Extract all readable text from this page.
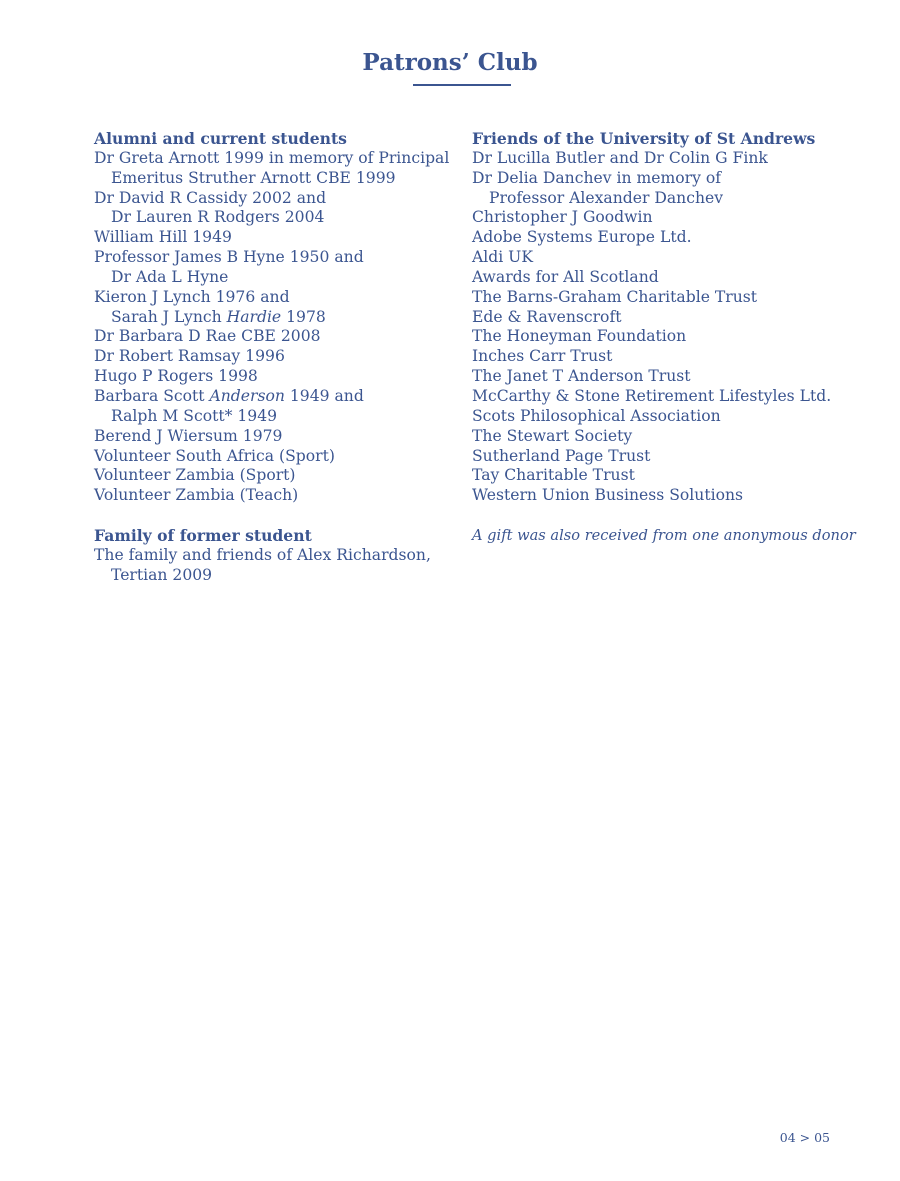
Patrons’ Club
Alumni and current students
Dr Greta Arnott 1999 in memory of Principal
Emeritus Struther Arnott CBE 1999
Dr David R Cassidy 2002 and
Dr Lauren R Rodgers 2004
William Hill 1949
Professor James B Hyne 1950 and
Dr Ada L Hyne
Kieron J Lynch 1976 and
Sarah J Lynch Hardie 1978
Dr Barbara D Rae CBE 2008
Dr Robert Ramsay 1996
Hugo P Rogers 1998
Barbara Scott Anderson 1949 and
Ralph M Scott* 1949
Berend J Wiersum 1979
Volunteer South Africa (Sport)
Volunteer Zambia (Sport)
Volunteer Zambia (Teach)
Family of former student
The family and friends of Alex Richardson,
Tertian 2009
Friends of the University of St Andrews
Dr Lucilla Butler and Dr Colin G Fink
Dr Delia Danchev in memory of
Professor Alexander Danchev
Christopher J Goodwin
Adobe Systems Europe Ltd.
Aldi UK
Awards for All Scotland
The Barns-Graham Charitable Trust
Ede & Ravenscroft
The Honeyman Foundation
Inches Carr Trust
The Janet T Anderson Trust
McCarthy & Stone Retirement Lifestyles Ltd.
Scots Philosophical Association
The Stewart Society
Sutherland Page Trust
Tay Charitable Trust
Western Union Business Solutions
A gift was also received from one anonymous donor
04 > 05
